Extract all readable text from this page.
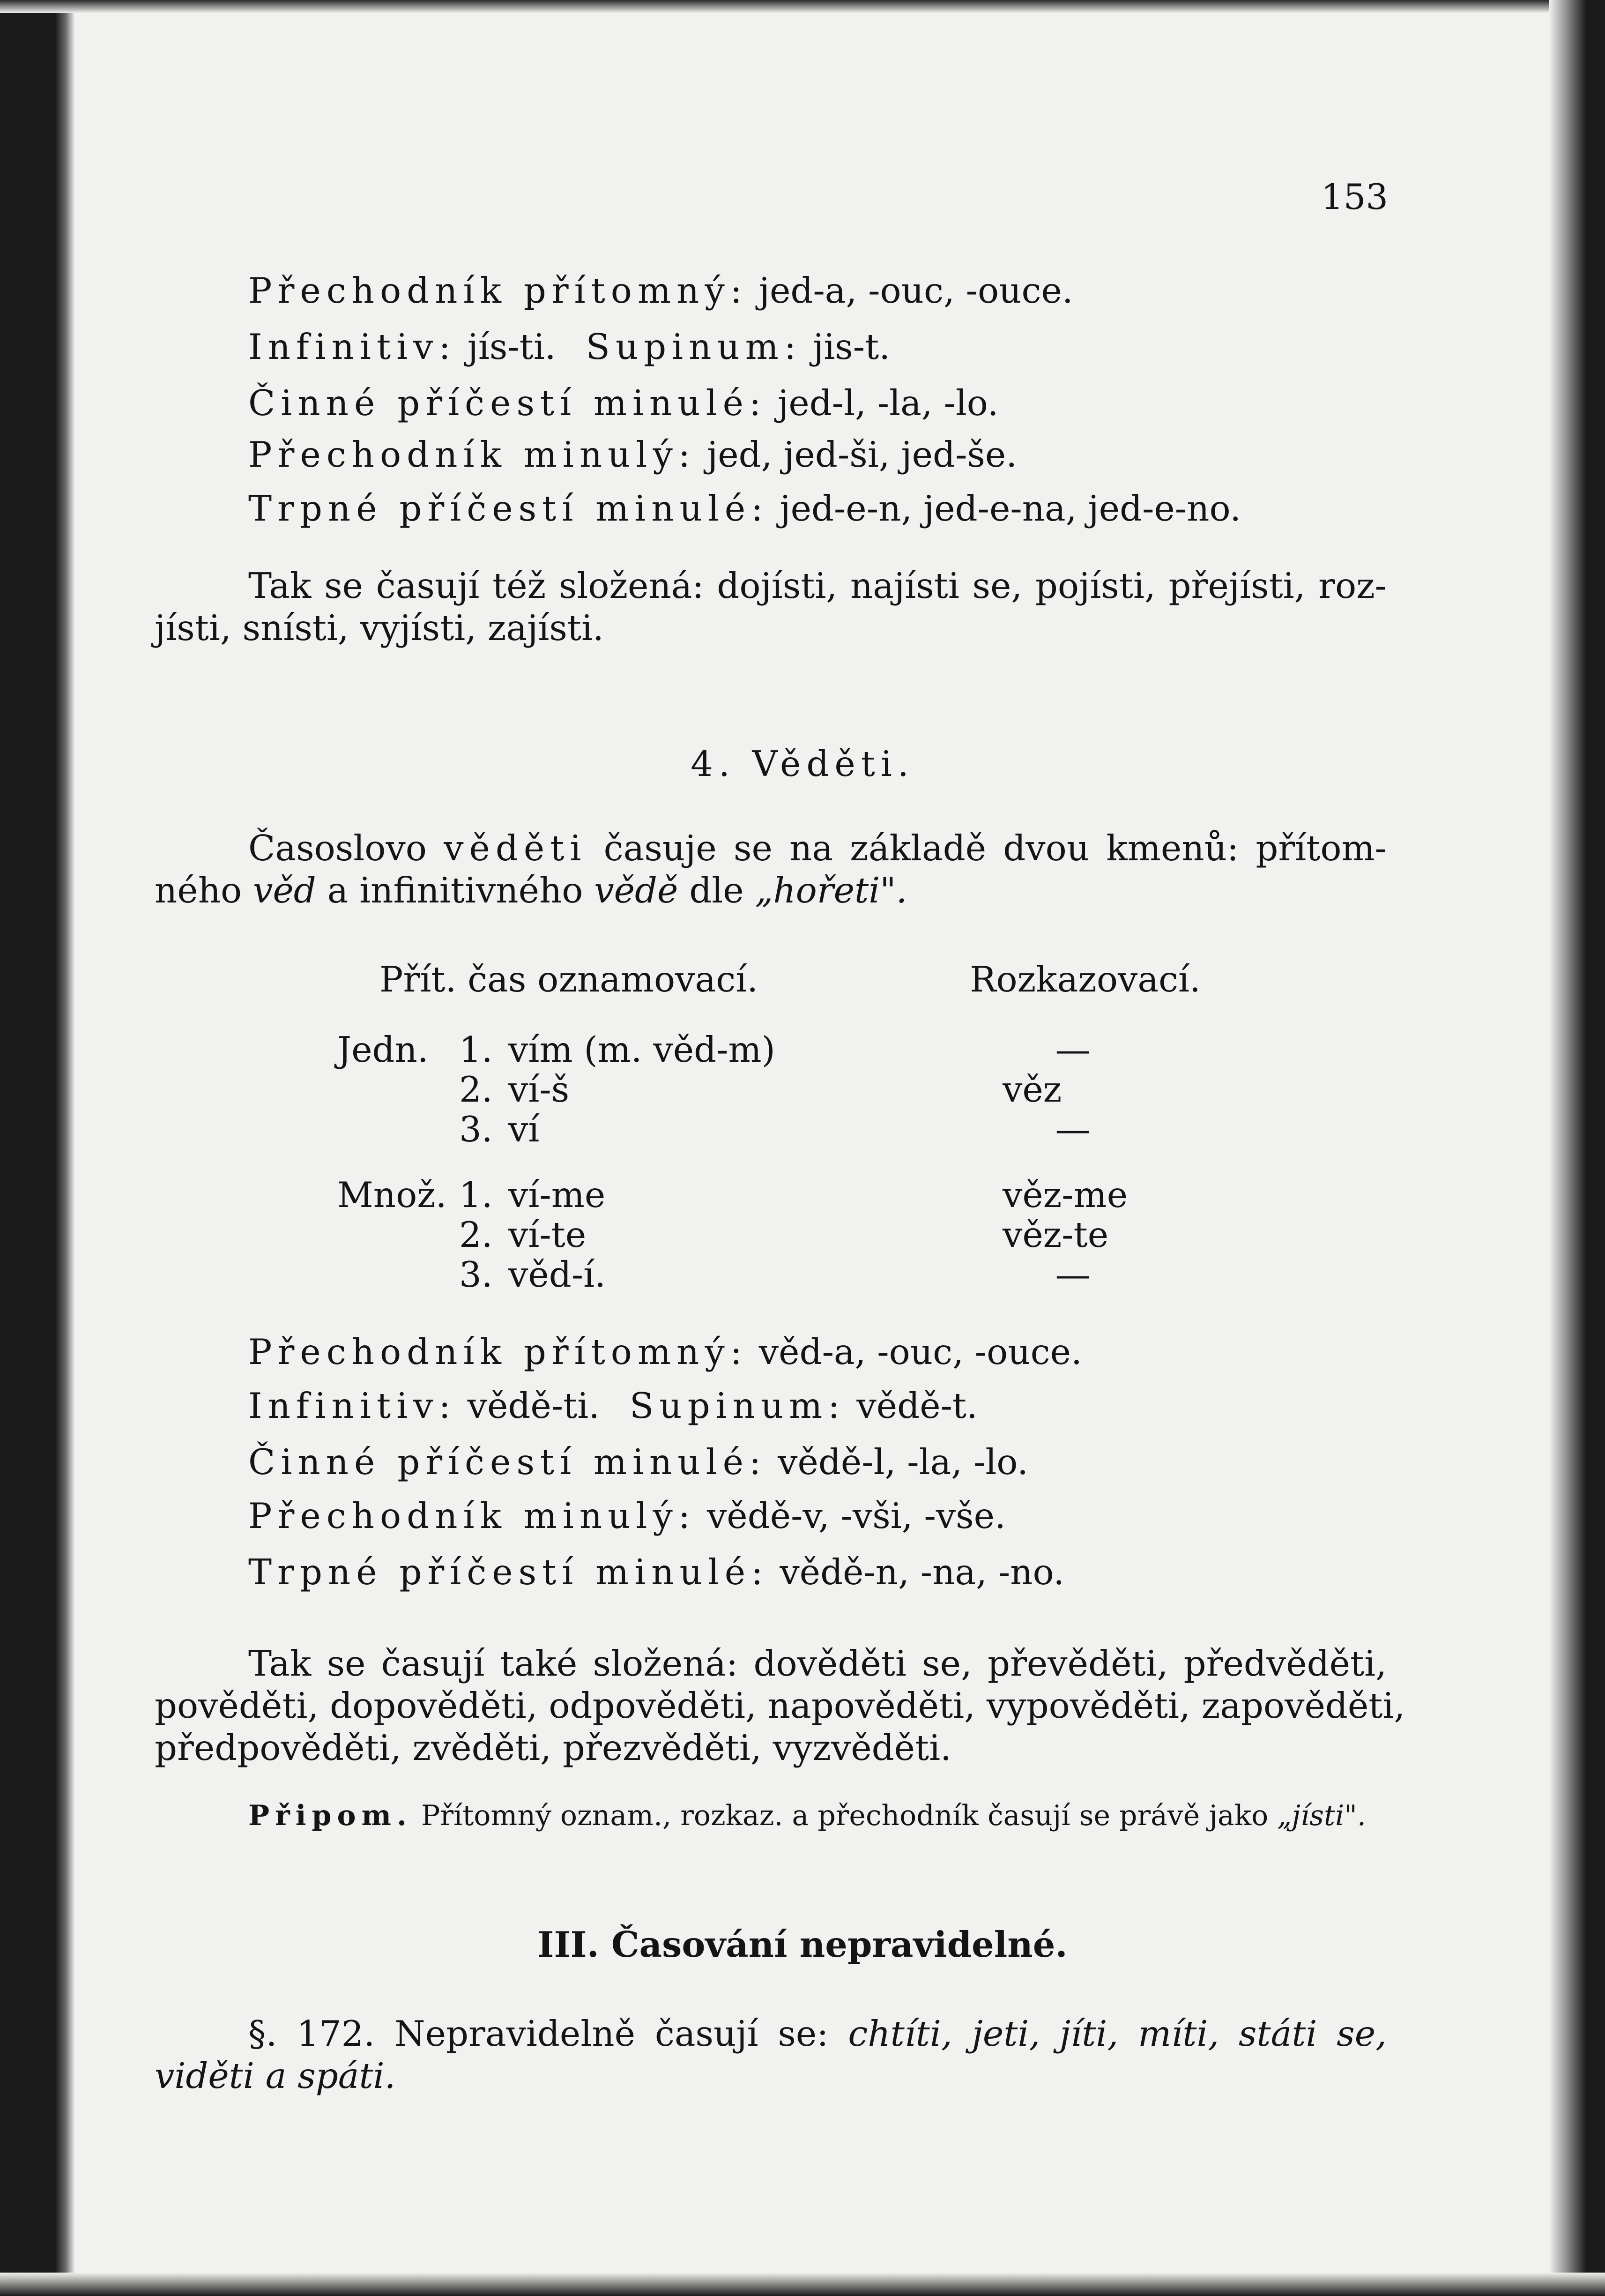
153
Přechodník přítomný: jed-a, -ouc, -ouce.
Infinitiv: jís-ti. Supinum: jis-t.
Činné příčestí minulé: jed-l, -la, -lo.
Přechodník minulý: jed, jed-ši, jed-še.
Trpné příčestí minulé: jed-e-n, jed-e-na, jed-e-no.
Tak se časují též složená: dojísti, najísti se, pojísti, přejísti, roz-
jísti, snísti, vyjísti, zajísti.
4. Věděti.
Časoslovo věděti časuje se na základě dvou kmenů: přítom-
ného věd a infinitivného vědě dle „hořeti".
Přít. čas oznamovací.	Rozkazovací.
Jedn. 1. vím (m. věd-m)	—
2. ví-š	věz
3. ví	—
Množ. 1. ví-me	věz-me
2. ví-te	věz-te
3. věd-í.	—
Přechodník přítomný: věd-a, -ouc, -ouce.
Infinitiv: vědě-ti. Supinum: vědě-t.
Činné příčestí minulé: vědě-l, -la, -lo.
Přechodník minulý: vědě-v, -vši, -vše.
Trpné příčestí minulé: vědě-n, -na, -no.
Tak se časují také složená: dověděti se, převěděti, předvěděti,
pověděti, dopověděti, odpověděti, napověděti, vypověděti, zapověděti,
předpověděti, zvěděti, přezvěděti, vyzvěděti.
Připom. Přítomný oznam., rozkaz. a přechodník časují se právě jako „jísti".
III. Časování nepravidelné.
§. 172. Nepravidelně časují se: chtíti, jeti, jíti, míti, státi se,
viděti a spáti.
